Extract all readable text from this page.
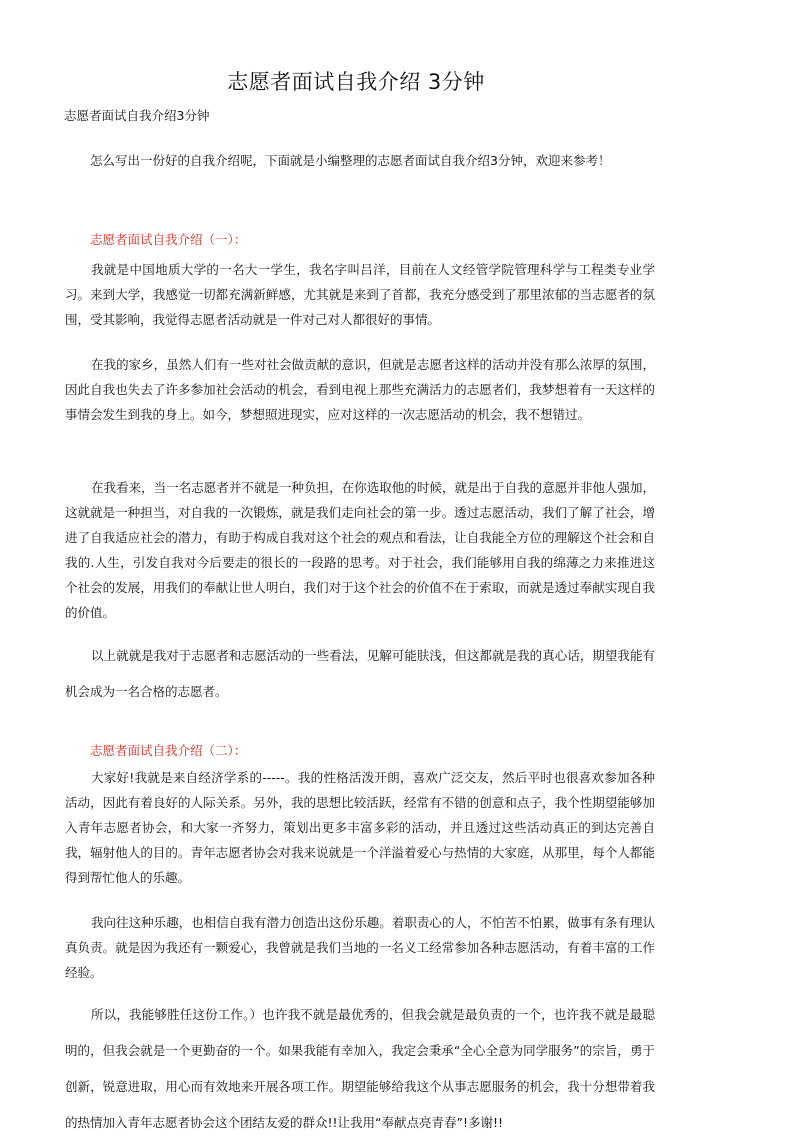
志愿者面试自我介绍 3分钟
志愿者面试自我介绍3分钟
怎么写出一份好的自我介绍呢，下面就是小编整理的志愿者面试自我介绍3分钟，欢迎来参考！
志愿者面试自我介绍（一）：

我就是中国地质大学的一名大一学生，我名字叫吕洋，目前在人文经管学院管理科学与工程类专业学习。来到大学，我感觉一切都充满新鲜感，尤其就是来到了首都，我充分感受到了那里浓郁的当志愿者的氛围，受其影响，我觉得志愿者活动就是一件对己对人都很好的事情。

在我的家乡，虽然人们有一些对社会做贡献的意识，但就是志愿者这样的活动并没有那么浓厚的氛围，因此自我也失去了许多参加社会活动的机会，看到电视上那些充满活力的志愿者们，我梦想着有一天这样的事情会发生到我的身上。如今，梦想照进现实，应对这样的一次志愿活动的机会，我不想错过。

在我看来，当一名志愿者并不就是一种负担，在你选取他的时候，就是出于自我的意愿并非他人强加，这就就是一种担当，对自我的一次锻炼，就是我们走向社会的第一步。透过志愿活动，我们了解了社会，增进了自我适应社会的潜力，有助于构成自我对这个社会的观点和看法，让自我能全方位的理解这个社会和自我的.人生，引发自我对今后要走的很长的一段路的思考。对于社会，我们能够用自我的绵薄之力来推进这个社会的发展，用我们的奉献让世人明白，我们对于这个社会的价值不在于索取，而就是透过奉献实现自我的价值。

以上就就是我对于志愿者和志愿活动的一些看法，见解可能肤浅，但这都就是我的真心话，期望我能有机会成为一名合格的志愿者。

志愿者面试自我介绍（二）：

大家好!我就是来自经济学系的-----。我的性格活泼开朗，喜欢广泛交友，然后平时也很喜欢参加各种活动，因此有着良好的人际关系。另外，我的思想比较活跃，经常有不错的创意和点子，我个性期望能够加入青年志愿者协会，和大家一齐努力，策划出更多丰富多彩的活动，并且透过这些活动真正的到达完善自我，辐射他人的目的。青年志愿者协会对我来说就是一个洋溢着爱心与热情的大家庭，从那里，每个人都能得到帮忙他人的乐趣。

我向往这种乐趣，也相信自我有潜力创造出这份乐趣。着职责心的人，不怕苦不怕累，做事有条有理认真负责。就是因为我还有一颗爱心，我曾就是我们当地的一名义工经常参加各种志愿活动，有着丰富的工作经验。

所以，我能够胜任这份工作。）也许我不就是最优秀的，但我会就是最负责的一个，也许我不就是最聪明的，但我会就是一个更勤奋的一个。如果我能有幸加入，我定会秉承“全心全意为同学服务”的宗旨，勇于创新，锐意进取，用心而有效地来开展各项工作。期望能够给我这个从事志愿服务的机会，我十分想带着我的热情加入青年志愿者协会这个团结友爱的群众!!让我用“奉献点亮青春”!多谢!!
